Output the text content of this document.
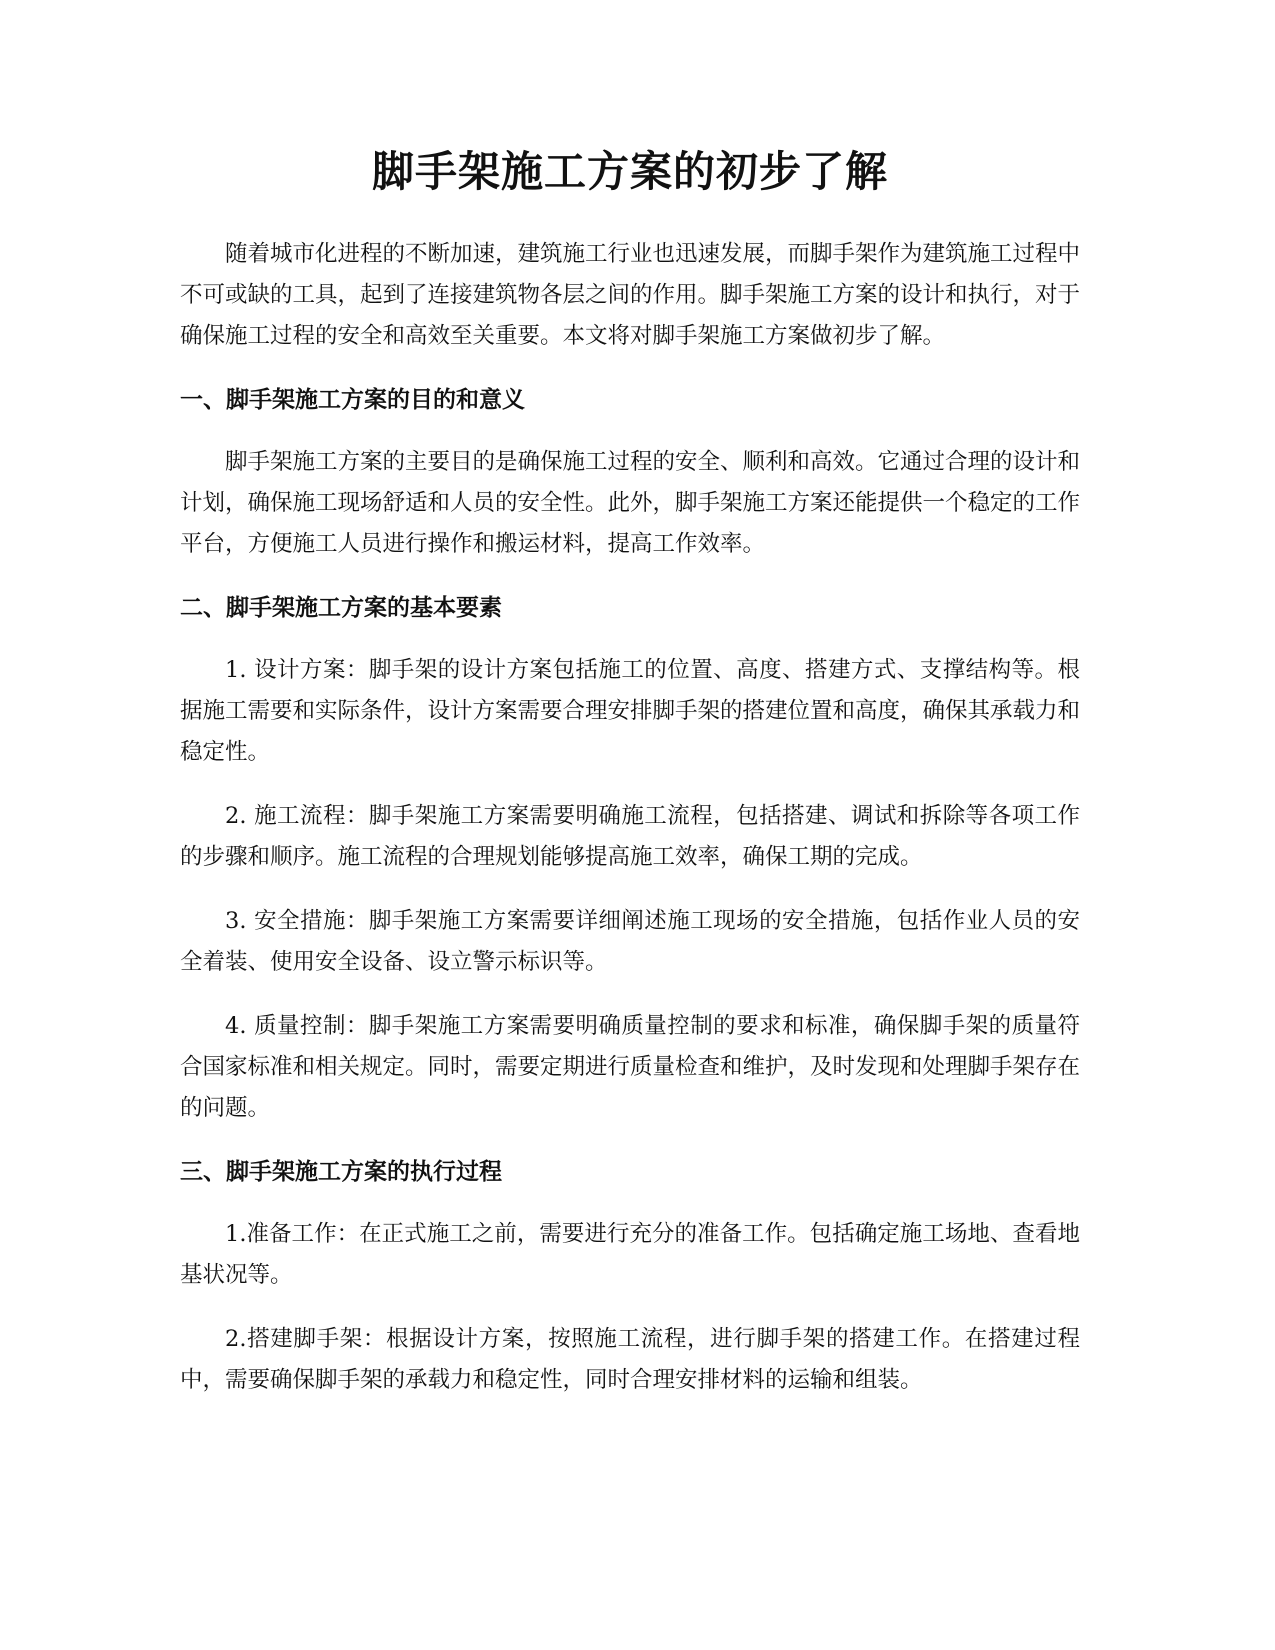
脚手架施工方案的初步了解

随着城市化进程的不断加速，建筑施工行业也迅速发展，而脚手架作为建筑施工过程中不可或缺的工具，起到了连接建筑物各层之间的作用。脚手架施工方案的设计和执行，对于确保施工过程的安全和高效至关重要。本文将对脚手架施工方案做初步了解。

一、脚手架施工方案的目的和意义

脚手架施工方案的主要目的是确保施工过程的安全、顺利和高效。它通过合理的设计和计划，确保施工现场舒适和人员的安全性。此外，脚手架施工方案还能提供一个稳定的工作平台，方便施工人员进行操作和搬运材料，提高工作效率。

二、脚手架施工方案的基本要素

1. 设计方案：脚手架的设计方案包括施工的位置、高度、搭建方式、支撑结构等。根据施工需要和实际条件，设计方案需要合理安排脚手架的搭建位置和高度，确保其承载力和稳定性。

2. 施工流程：脚手架施工方案需要明确施工流程，包括搭建、调试和拆除等各项工作的步骤和顺序。施工流程的合理规划能够提高施工效率，确保工期的完成。

3. 安全措施：脚手架施工方案需要详细阐述施工现场的安全措施，包括作业人员的安全着装、使用安全设备、设立警示标识等。

4. 质量控制：脚手架施工方案需要明确质量控制的要求和标准，确保脚手架的质量符合国家标准和相关规定。同时，需要定期进行质量检查和维护，及时发现和处理脚手架存在的问题。

三、脚手架施工方案的执行过程

1.准备工作：在正式施工之前，需要进行充分的准备工作。包括确定施工场地、查看地基状况等。

2.搭建脚手架：根据设计方案，按照施工流程，进行脚手架的搭建工作。在搭建过程中，需要确保脚手架的承载力和稳定性，同时合理安排材料的运输和组装。
